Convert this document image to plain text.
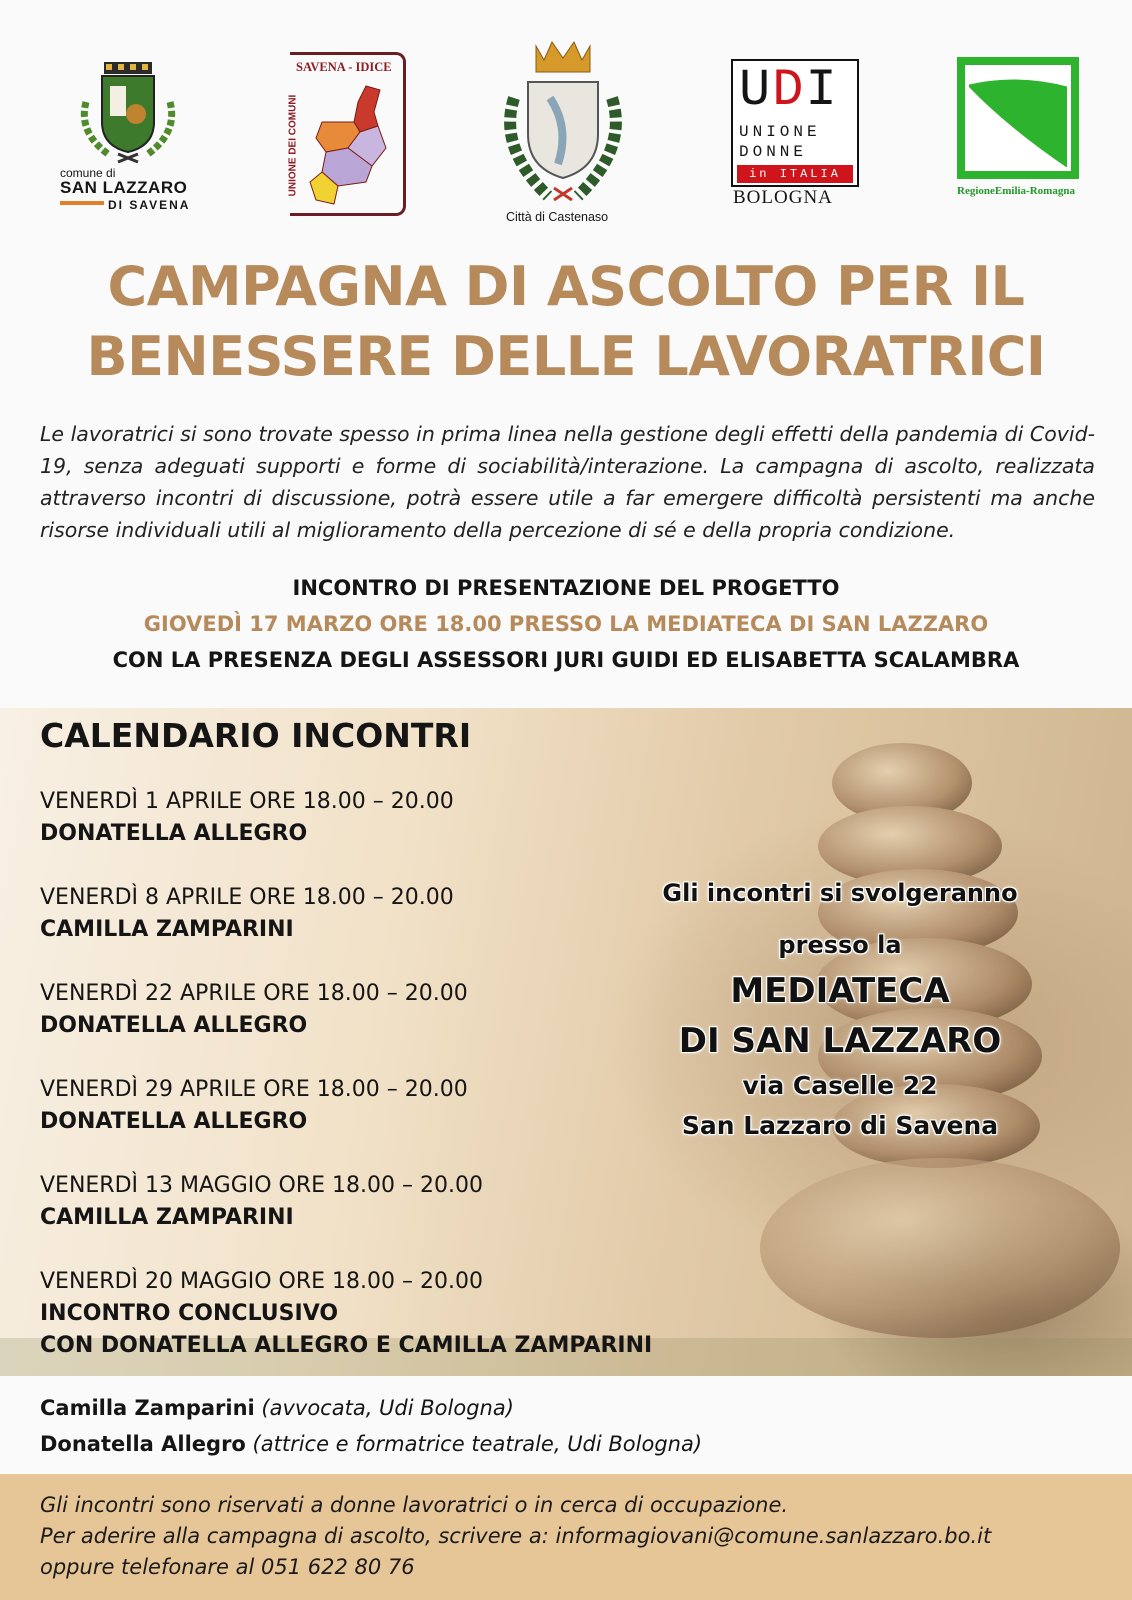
comune di
SAN LAZZARO
DI SAVENA
SAVENA - IDICE
UNIONE DEI COMUNI
Città di Castenaso
UDI
UNIONE
DONNE
in ITALIA
BOLOGNA	RegioneEmilia-Romagna
CAMPAGNA DI ASCOLTO PER IL
BENESSERE DELLE LAVORATRICI
Le lavoratrici si sono trovate spesso in prima linea nella gestione degli effetti della pandemia di Covid-19, senza adeguati supporti e forme di sociabilità/interazione. La campagna di ascolto, realizzata attraverso incontri di discussione, potrà essere utile a far emergere difficoltà persistenti ma anche risorse individuali utili al miglioramento della percezione di sé e della propria condizione.
INCONTRO DI PRESENTAZIONE DEL PROGETTO
GIOVEDÌ 17 MARZO ORE 18.00 PRESSO LA MEDIATECA DI SAN LAZZARO
CON LA PRESENZA DEGLI ASSESSORI JURI GUIDI ED ELISABETTA SCALAMBRA
CALENDARIO INCONTRI
VENERDÌ 1 APRILE ORE 18.00 – 20.00
DONATELLA ALLEGRO
VENERDÌ 8 APRILE ORE 18.00 – 20.00
CAMILLA ZAMPARINI
VENERDÌ 22 APRILE ORE 18.00 – 20.00
DONATELLA ALLEGRO
VENERDÌ 29 APRILE ORE 18.00 – 20.00
DONATELLA ALLEGRO
VENERDÌ 13 MAGGIO ORE 18.00 – 20.00
CAMILLA ZAMPARINI
VENERDÌ 20 MAGGIO ORE 18.00 – 20.00
INCONTRO CONCLUSIVO
CON DONATELLA ALLEGRO E CAMILLA ZAMPARINI
Gli incontri si svolgeranno
presso la
MEDIATECA
DI SAN LAZZARO
via Caselle 22
San Lazzaro di Savena
Camilla Zamparini (avvocata, Udi Bologna)
Donatella Allegro (attrice e formatrice teatrale, Udi Bologna)
Gli incontri sono riservati a donne lavoratrici o in cerca di occupazione.
Per aderire alla campagna di ascolto, scrivere a: informagiovani@comune.sanlazzaro.bo.it
oppure telefonare al 051 622 80 76
